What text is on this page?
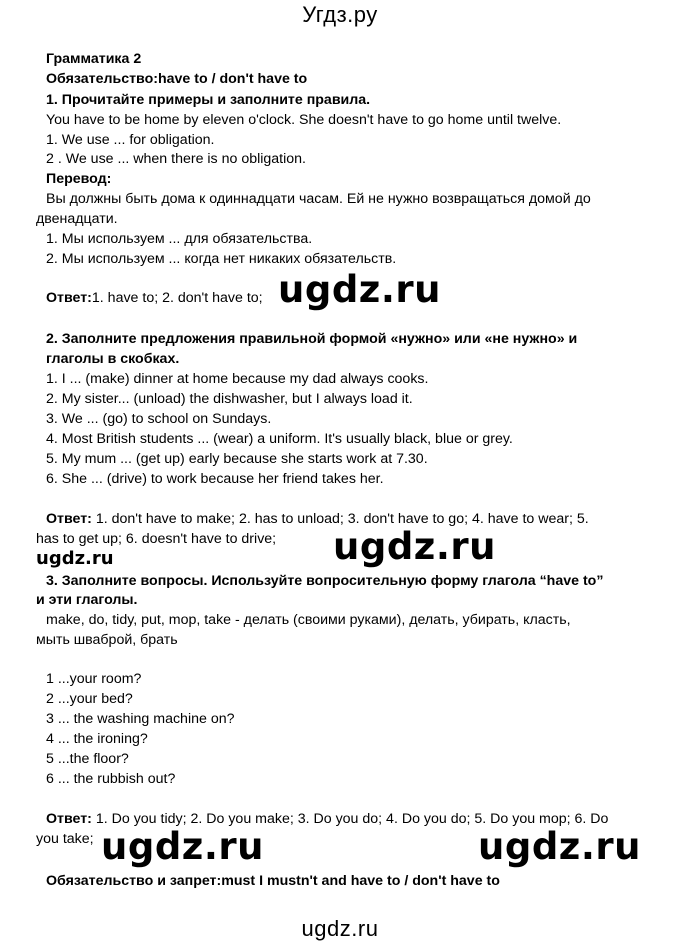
Угдз.ру
Грамматика 2
Обязательство:have to / don't have to
1. Прочитайте примеры и заполните правила.
You have to be home by eleven o'clock. She doesn't have to go home until twelve.
1. We use ... for obligation.
2 . We use ... when there is no obligation.
Перевод:
Вы должны быть дома к одиннадцати часам. Ей не нужно возвращаться домой до
двенадцати.
1. Мы используем ... для обязательства.
2. Мы используем ... когда нет никаких обязательств.
Ответ:1. have to; 2. don't have to; ugdz.ru
2. Заполните предложения правильной формой «нужно» или «не нужно» и
глаголы в скобках.
1. I ... (make) dinner at home because my dad always cooks.
2. My sister... (unload) the dishwasher, but I always load it.
3. We ... (go) to school on Sundays.
4. Most British students ... (wear) a uniform. It's usually black, blue or grey.
5. My mum ... (get up) early because she starts work at 7.30.
6. She ... (drive) to work because her friend takes her.
Ответ: 1. don't have to make; 2. has to unload; 3. don't have to go; 4. have to wear; 5.
has to get up; 6. doesn't have to drive;
ugdz.ru	ugdz.ru
3. Заполните вопросы. Используйте вопросительную форму глагола “have to”
и эти глаголы.
make, do, tidy, put, mop, take - делать (своими руками), делать, убирать, класть,
мыть шваброй, брать
1 ...your room?
2 ...your bed?
3 ... the washing machine on?
4 ... the ironing?
5 ...the floor?
6 ... the rubbish out?
Ответ: 1. Do you tidy; 2. Do you make; 3. Do you do; 4. Do you do; 5. Do you mop; 6. Do
you take; ugdz.ru	ugdz.ru
Обязательство и запрет:must I mustn't and have to / don't have to
ugdz.ru
